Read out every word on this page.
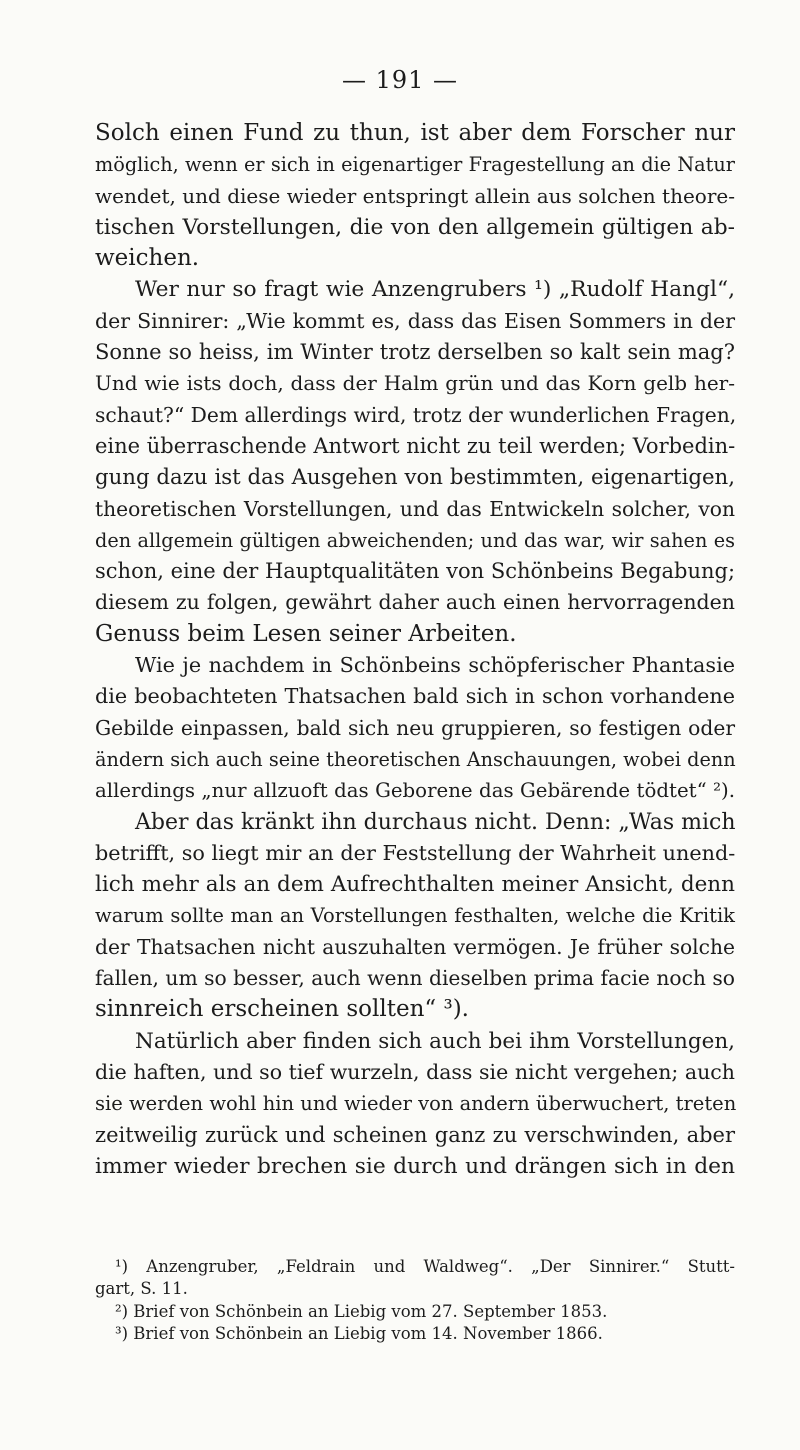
— 191 —
Solch einen Fund zu thun, ist aber dem Forscher nur
möglich, wenn er sich in eigenartiger Fragestellung an die Natur
wendet, und diese wieder entspringt allein aus solchen theore-
tischen Vorstellungen, die von den allgemein gültigen ab-
weichen.
Wer nur so fragt wie Anzengrubers ¹) „Rudolf Hangl“,
der Sinnirer: „Wie kommt es, dass das Eisen Sommers in der
Sonne so heiss, im Winter trotz derselben so kalt sein mag?
Und wie ists doch, dass der Halm grün und das Korn gelb her-
schaut?“ Dem allerdings wird, trotz der wunderlichen Fragen,
eine überraschende Antwort nicht zu teil werden; Vorbedin-
gung dazu ist das Ausgehen von bestimmten, eigenartigen,
theoretischen Vorstellungen, und das Entwickeln solcher, von
den allgemein gültigen abweichenden; und das war, wir sahen es
schon, eine der Hauptqualitäten von Schönbeins Begabung;
diesem zu folgen, gewährt daher auch einen hervorragenden
Genuss beim Lesen seiner Arbeiten.
Wie je nachdem in Schönbeins schöpferischer Phantasie
die beobachteten Thatsachen bald sich in schon vorhandene
Gebilde einpassen, bald sich neu gruppieren, so festigen oder
ändern sich auch seine theoretischen Anschauungen, wobei denn
allerdings „nur allzuoft das Geborene das Gebärende tödtet“ ²).
Aber das kränkt ihn durchaus nicht. Denn: „Was mich
betrifft, so liegt mir an der Feststellung der Wahrheit unend-
lich mehr als an dem Aufrechthalten meiner Ansicht, denn
warum sollte man an Vorstellungen festhalten, welche die Kritik
der Thatsachen nicht auszuhalten vermögen. Je früher solche
fallen, um so besser, auch wenn dieselben prima facie noch so
sinnreich erscheinen sollten“ ³).
Natürlich aber finden sich auch bei ihm Vorstellungen,
die haften, und so tief wurzeln, dass sie nicht vergehen; auch
sie werden wohl hin und wieder von andern überwuchert, treten
zeitweilig zurück und scheinen ganz zu verschwinden, aber
immer wieder brechen sie durch und drängen sich in den
¹) Anzengruber, „Feldrain und Waldweg“. „Der Sinnirer.“ Stutt-
gart, S. 11.
²) Brief von Schönbein an Liebig vom 27. September 1853.
³) Brief von Schönbein an Liebig vom 14. November 1866.
